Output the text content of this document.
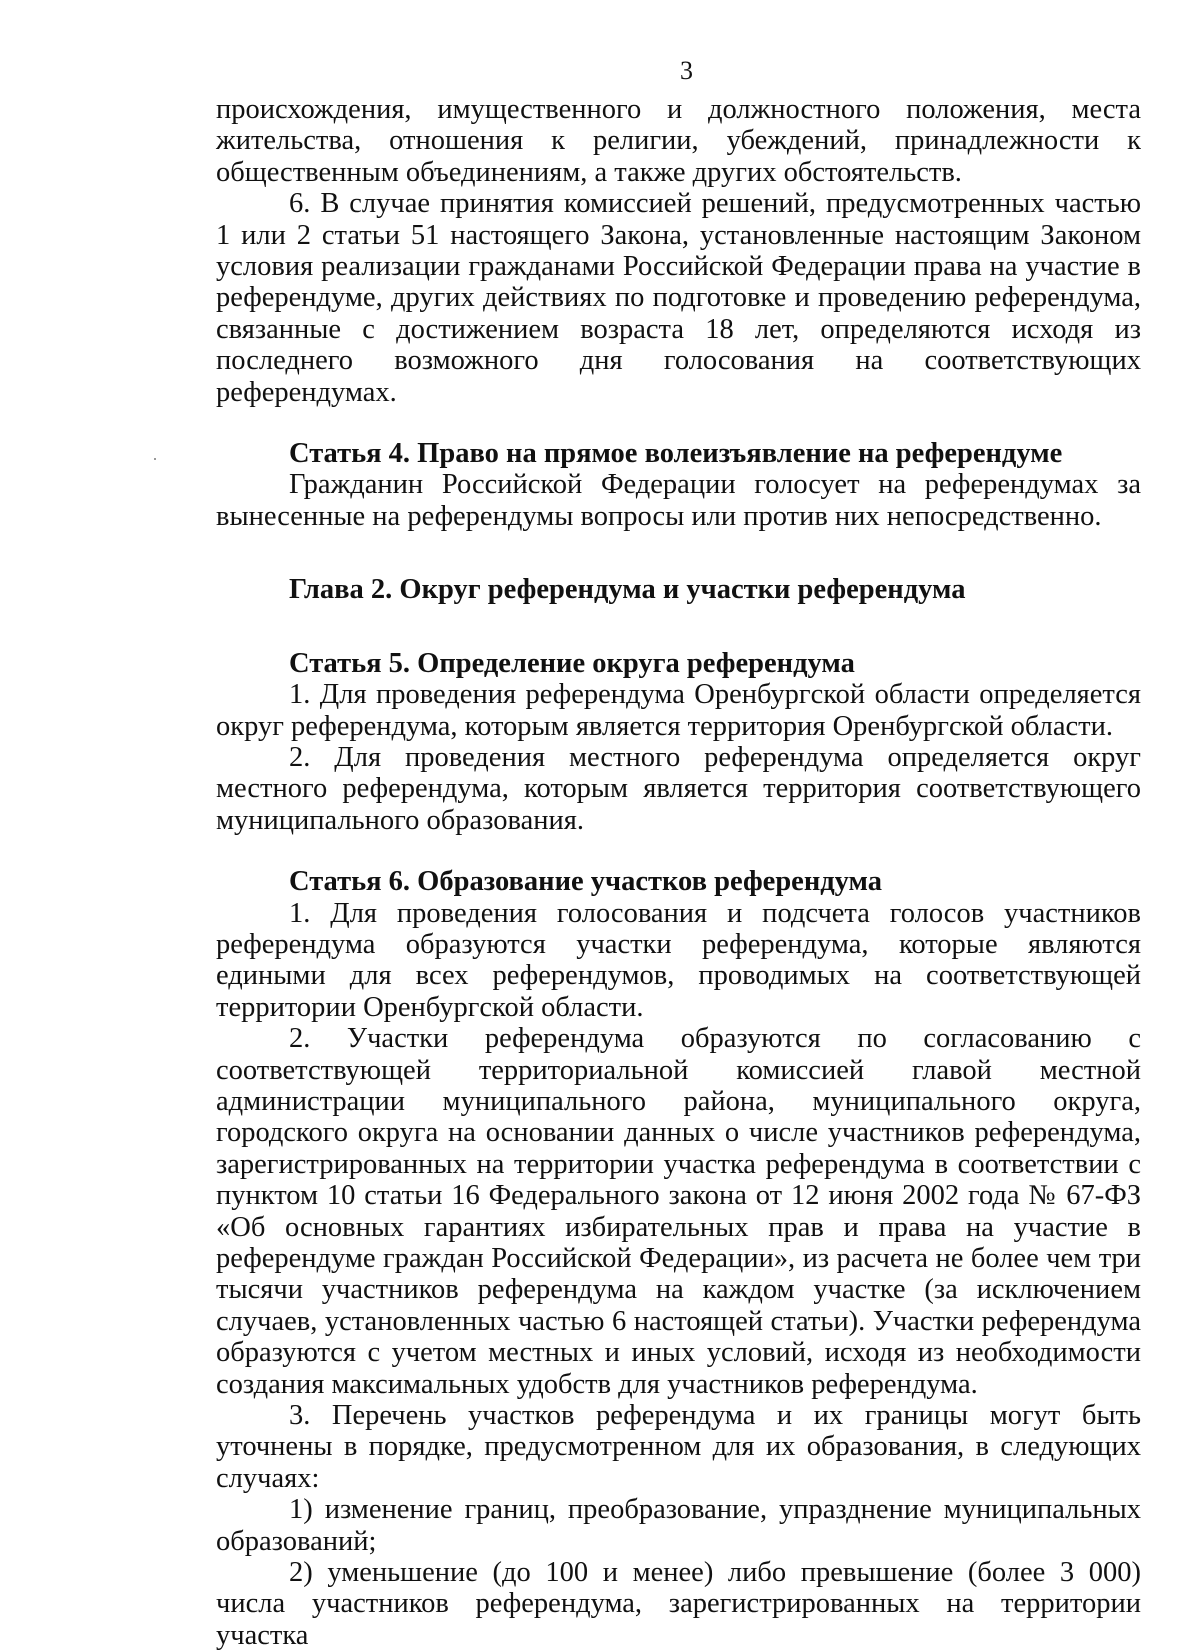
3

происхождения, имущественного и должностного положения, места жительства, отношения к религии, убеждений, принадлежности к общественным объединениям, а также других обстоятельств.

6. В случае принятия комиссией решений, предусмотренных частью 1 или 2 статьи 51 настоящего Закона, установленные настоящим Законом условия реализации гражданами Российской Федерации права на участие в референдуме, других действиях по подготовке и проведению референдума, связанные с достижением возраста 18 лет, определяются исходя из последнего возможного дня голосования на соответствующих референдумах.

Статья 4. Право на прямое волеизъявление на референдуме

Гражданин Российской Федерации голосует на референдумах за вынесенные на референдумы вопросы или против них непосредственно.

Глава 2. Округ референдума и участки референдума

Статья 5. Определение округа референдума

1. Для проведения референдума Оренбургской области определяется округ референдума, которым является территория Оренбургской области.

2. Для проведения местного референдума определяется округ местного референдума, которым является территория соответствующего муниципального образования.

Статья 6. Образование участков референдума

1. Для проведения голосования и подсчета голосов участников референдума образуются участки референдума, которые являются едиными для всех референдумов, проводимых на соответствующей территории Оренбургской области.

2. Участки референдума образуются по согласованию с соответствующей территориальной комиссией главой местной администрации муниципального района, муниципального округа, городского округа на основании данных о числе участников референдума, зарегистрированных на территории участка референдума в соответствии с пунктом 10 статьи 16 Федерального закона от 12 июня 2002 года № 67-ФЗ «Об основных гарантиях избирательных прав и права на участие в референдуме граждан Российской Федерации», из расчета не более чем три тысячи участников референдума на каждом участке (за исключением случаев, установленных частью 6 настоящей статьи). Участки референдума образуются с учетом местных и иных условий, исходя из необходимости создания максимальных удобств для участников референдума.

3. Перечень участков референдума и их границы могут быть уточнены в порядке, предусмотренном для их образования, в следующих случаях:

1) изменение границ, преобразование, упразднение муниципальных образований;

2) уменьшение (до 100 и менее) либо превышение (более 3 000) числа участников референдума, зарегистрированных на территории участка
